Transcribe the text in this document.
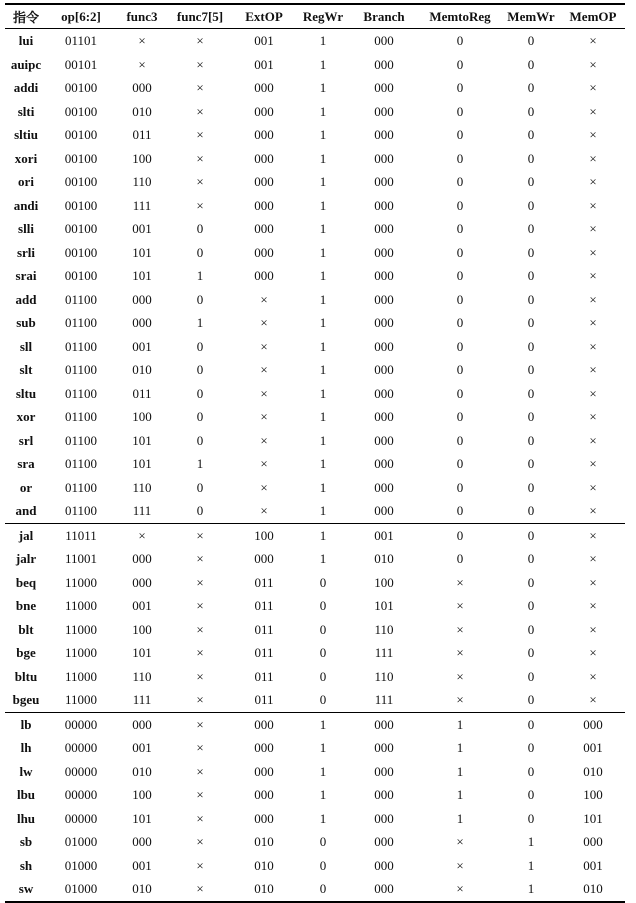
指令	op[6:2]	func3	func7[5]	ExtOP	RegWr	Branch	MemtoReg	MemWr	MemOP
lui	01101	×	×	001	1	000	0	0	×
auipc	00101	×	×	001	1	000	0	0	×
addi	00100	000	×	000	1	000	0	0	×
slti	00100	010	×	000	1	000	0	0	×
sltiu	00100	011	×	000	1	000	0	0	×
xori	00100	100	×	000	1	000	0	0	×
ori	00100	110	×	000	1	000	0	0	×
andi	00100	111	×	000	1	000	0	0	×
slli	00100	001	0	000	1	000	0	0	×
srli	00100	101	0	000	1	000	0	0	×
srai	00100	101	1	000	1	000	0	0	×
add	01100	000	0	×	1	000	0	0	×
sub	01100	000	1	×	1	000	0	0	×
sll	01100	001	0	×	1	000	0	0	×
slt	01100	010	0	×	1	000	0	0	×
sltu	01100	011	0	×	1	000	0	0	×
xor	01100	100	0	×	1	000	0	0	×
srl	01100	101	0	×	1	000	0	0	×
sra	01100	101	1	×	1	000	0	0	×
or	01100	110	0	×	1	000	0	0	×
and	01100	111	0	×	1	000	0	0	×
jal	11011	×	×	100	1	001	0	0	×
jalr	11001	000	×	000	1	010	0	0	×
beq	11000	000	×	011	0	100	×	0	×
bne	11000	001	×	011	0	101	×	0	×
blt	11000	100	×	011	0	110	×	0	×
bge	11000	101	×	011	0	111	×	0	×
bltu	11000	110	×	011	0	110	×	0	×
bgeu	11000	111	×	011	0	111	×	0	×
lb	00000	000	×	000	1	000	1	0	000
lh	00000	001	×	000	1	000	1	0	001
lw	00000	010	×	000	1	000	1	0	010
lbu	00000	100	×	000	1	000	1	0	100
lhu	00000	101	×	000	1	000	1	0	101
sb	01000	000	×	010	0	000	×	1	000
sh	01000	001	×	010	0	000	×	1	001
sw	01000	010	×	010	0	000	×	1	010
